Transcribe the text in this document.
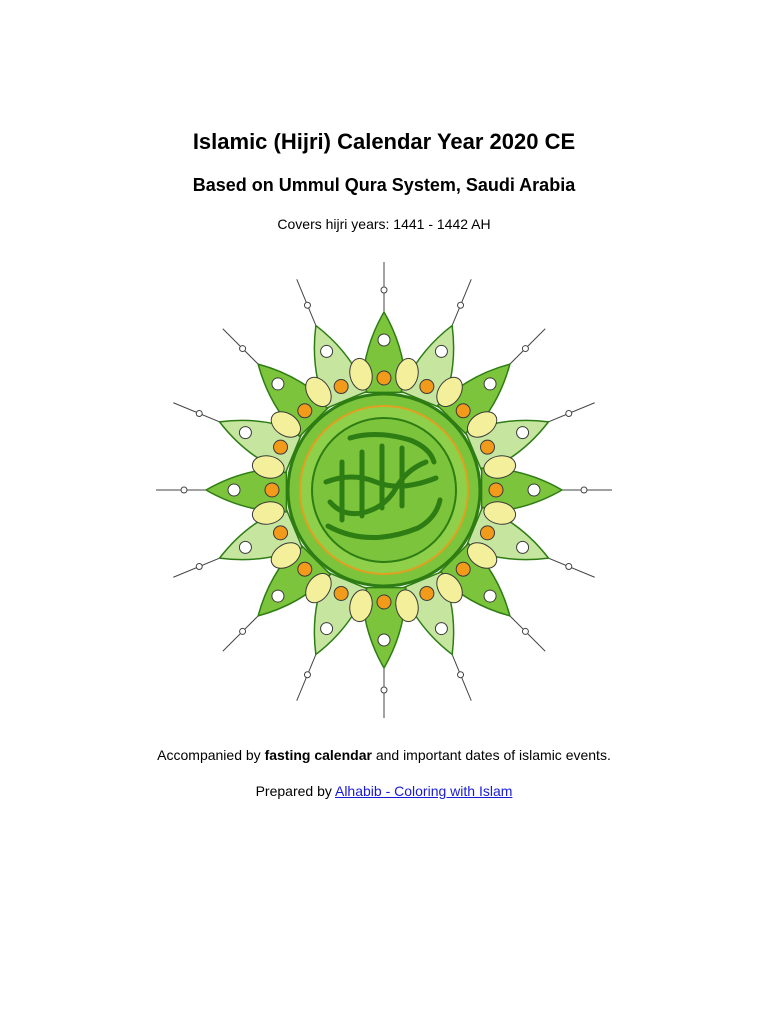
Islamic (Hijri) Calendar Year 2020 CE
Based on Ummul Qura System, Saudi Arabia
Covers hijri years: 1441 - 1442 AH
Accompanied by fasting calendar and important dates of islamic events.
Prepared by Alhabib - Coloring with Islam
